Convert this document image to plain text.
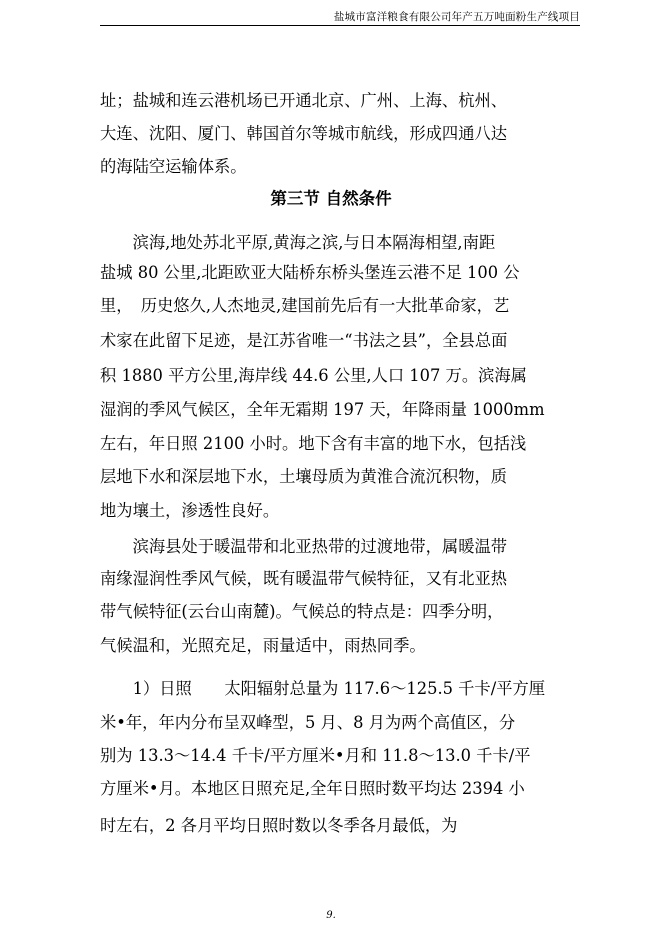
盐城市富洋粮食有限公司年产五万吨面粉生产线项目
址；盐城和连云港机场已开通北京、广州、上海、杭州、
大连、沈阳、厦门、韩国首尔等城市航线，形成四通八达
的海陆空运输体系。
第三节 自然条件
　　滨海,地处苏北平原,黄海之滨,与日本隔海相望,南距
盐城 80 公里,北距欧亚大陆桥东桥头堡连云港不足 100 公
里，　历史悠久,人杰地灵,建国前先后有一大批革命家，艺
术家在此留下足迹，是江苏省唯一“书法之县”，全县总面
积 1880 平方公里,海岸线 44.6 公里,人口 107 万。滨海属
湿润的季风气候区，全年无霜期 197 天，年降雨量 1000mm
左右，年日照 2100 小时。地下含有丰富的地下水，包括浅
层地下水和深层地下水，土壤母质为黄淮合流沉积物，质
地为壤土，渗透性良好。
　　滨海县处于暖温带和北亚热带的过渡地带，属暖温带
南缘湿润性季风气候，既有暖温带气候特征，又有北亚热
带气候特征(云台山南麓)。气候总的特点是：四季分明，
气候温和，光照充足，雨量适中，雨热同季。
　　1）日照　　太阳辐射总量为 117.6～125.5 千卡/平方厘
米•年，年内分布呈双峰型，5 月、8 月为两个高值区，分
别为 13.3～14.4 千卡/平方厘米•月和 11.8～13.0 千卡/平
方厘米•月。本地区日照充足,全年日照时数平均达 2394 小
时左右，2 各月平均日照时数以冬季各月最低，为
9.
